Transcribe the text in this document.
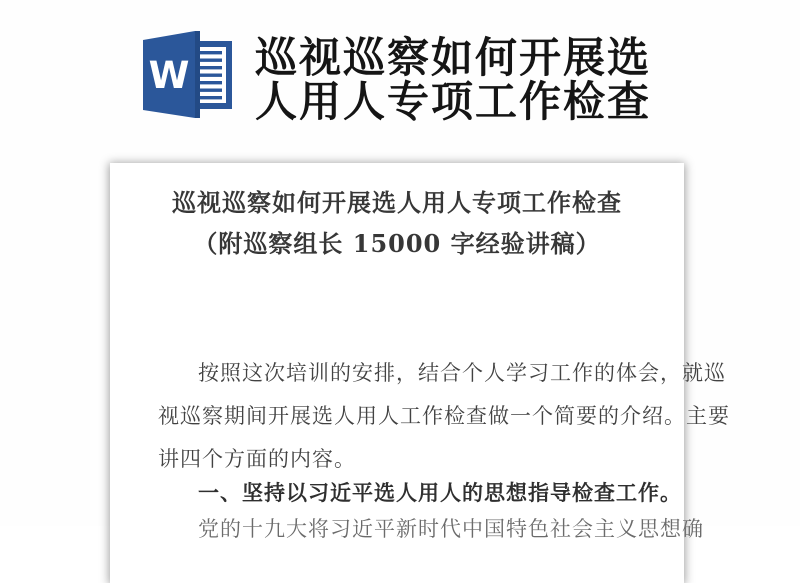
W 巡视巡察如何开展选
人用人专项工作检查
巡视巡察如何开展选人用人专项工作检查
（附巡察组长 15000 字经验讲稿）
按照这次培训的安排，结合个人学习工作的体会，就巡
视巡察期间开展选人用人工作检查做一个简要的介绍。主要
讲四个方面的内容。
一、坚持以习近平选人用人的思想指导检查工作。
党的十九大将习近平新时代中国特色社会主义思想确
